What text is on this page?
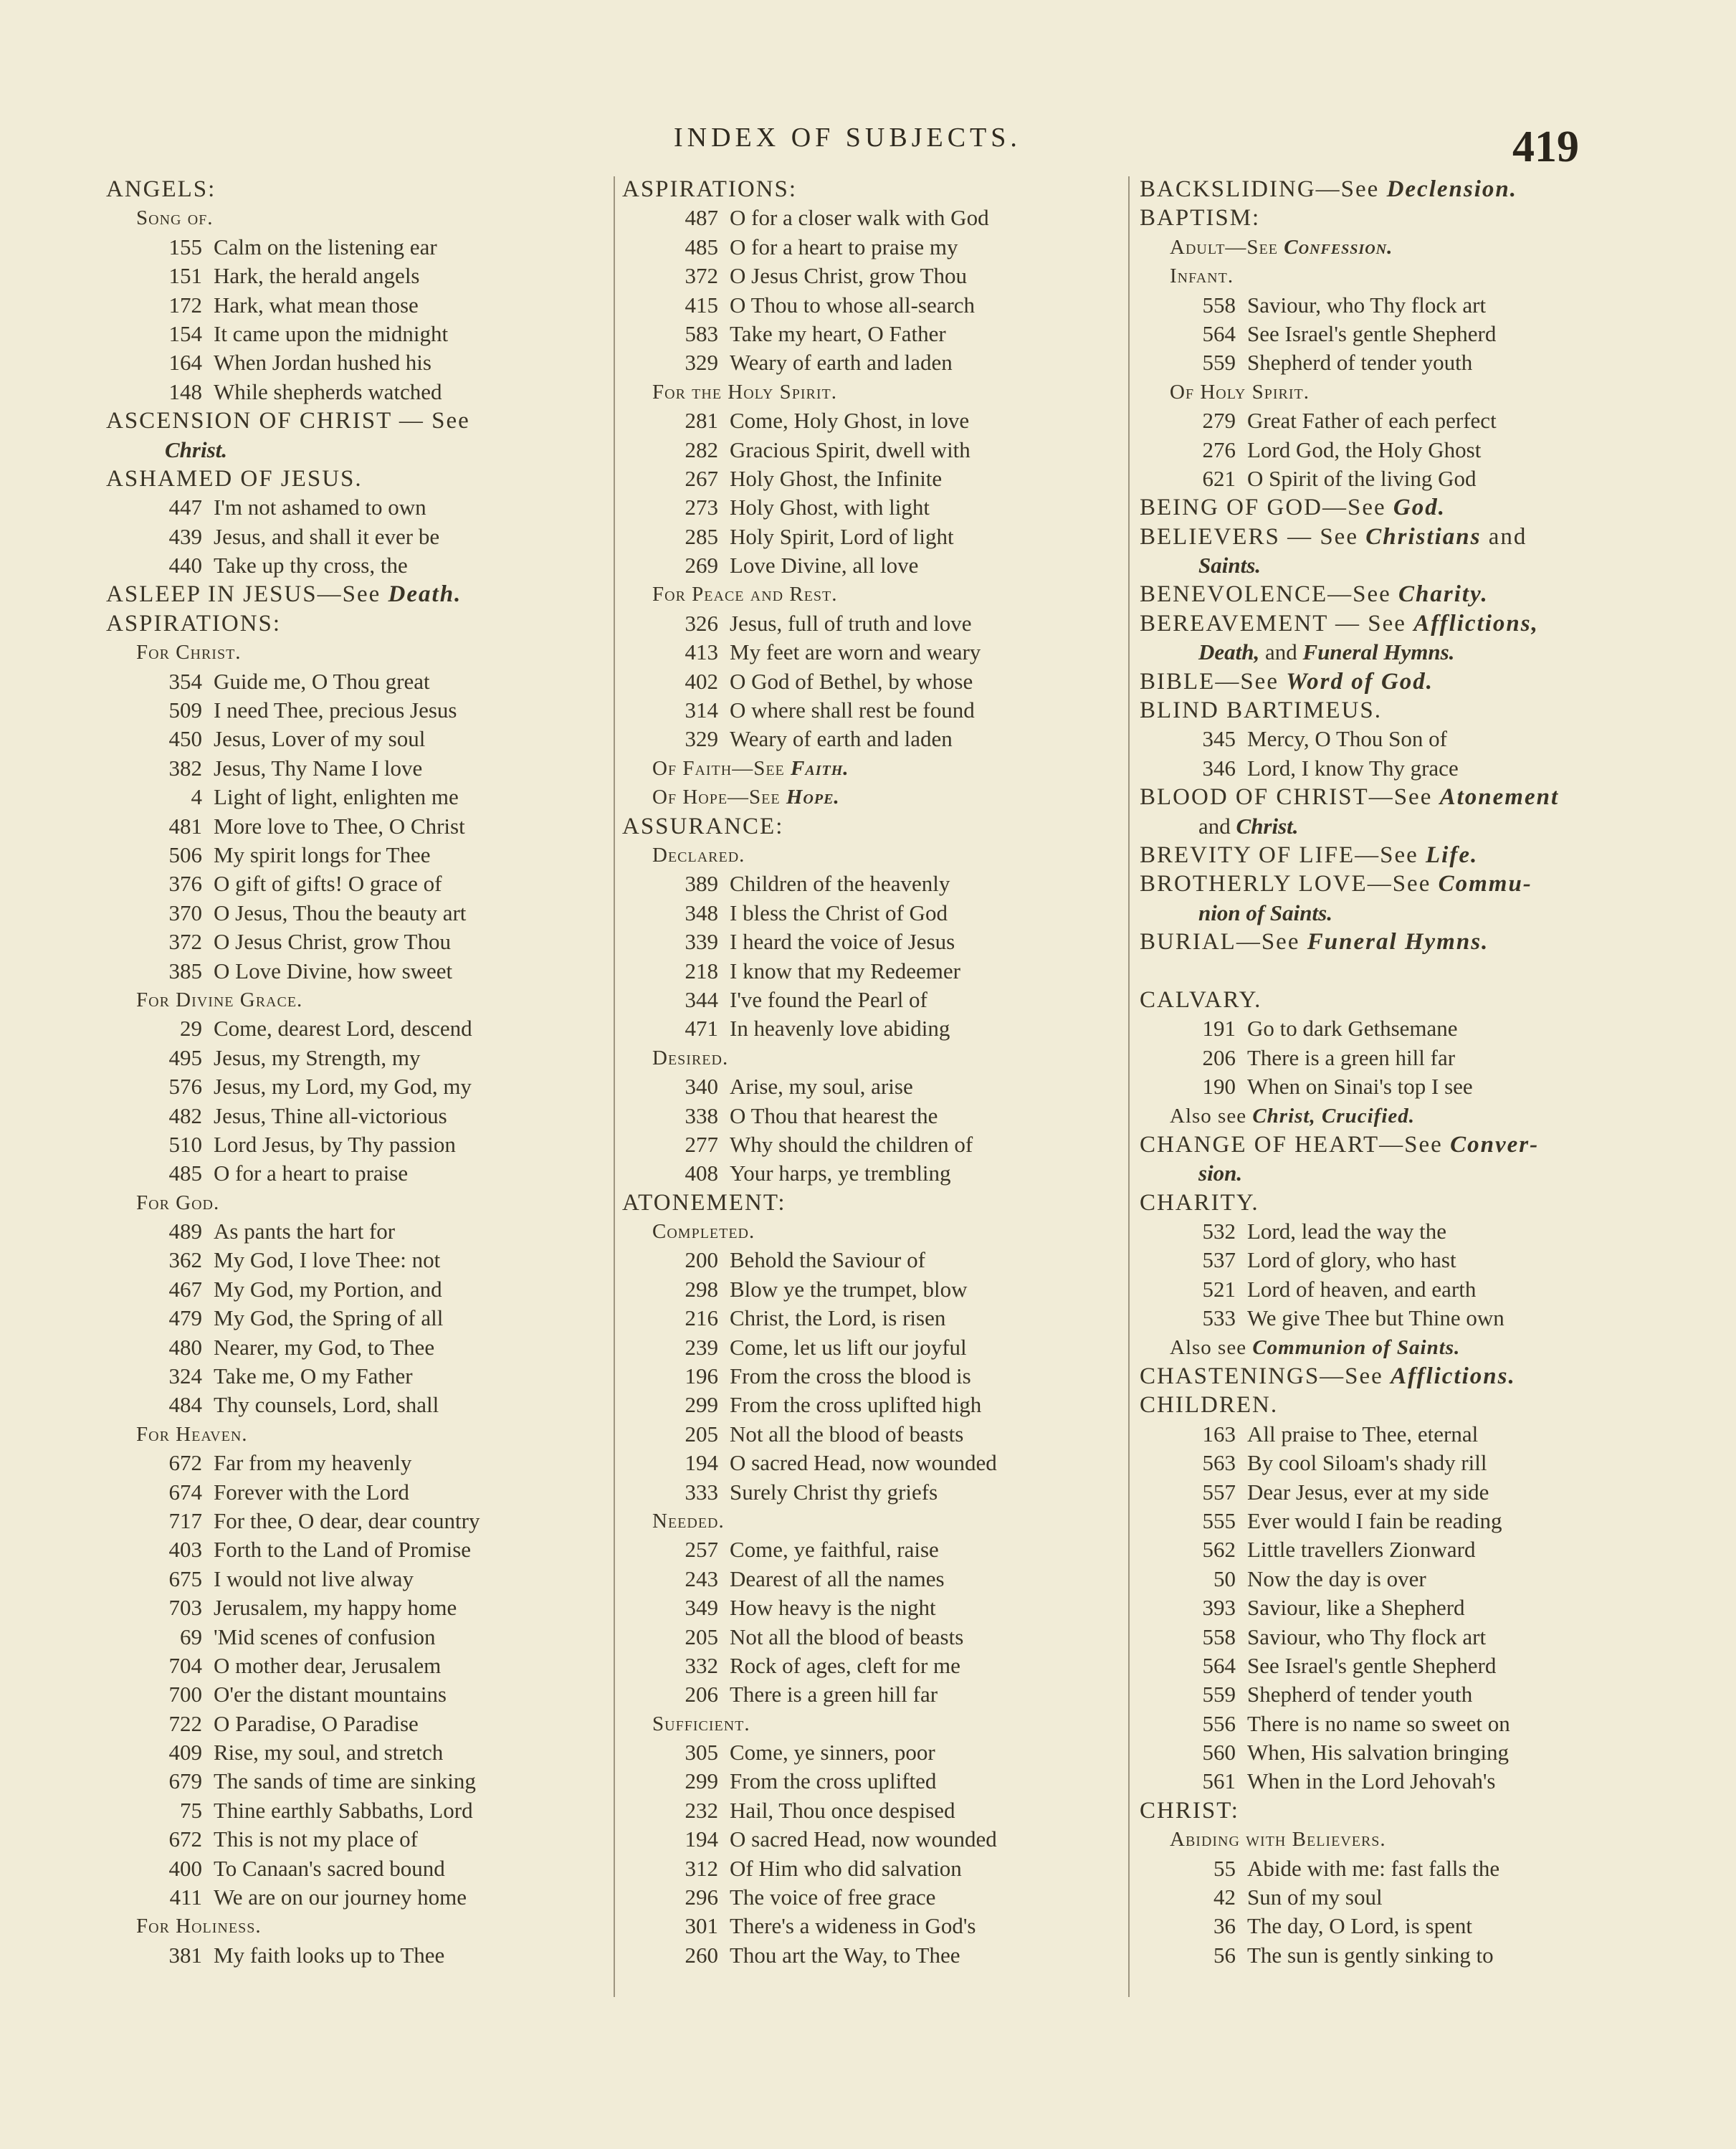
INDEX OF SUBJECTS.	419
ANGELS:
Song of.
155 Calm on the listening ear
151 Hark, the herald angels
172 Hark, what mean those
154 It came upon the midnight
164 When Jordan hushed his
148 While shepherds watched
ASCENSION OF CHRIST — See
Christ.
ASHAMED OF JESUS.
447 I'm not ashamed to own
439 Jesus, and shall it ever be
440 Take up thy cross, the
ASLEEP IN JESUS—See Death.
ASPIRATIONS:
For Christ.
354 Guide me, O Thou great
509 I need Thee, precious Jesus
450 Jesus, Lover of my soul
382 Jesus, Thy Name I love
4 Light of light, enlighten me
481 More love to Thee, O Christ
506 My spirit longs for Thee
376 O gift of gifts! O grace of
370 O Jesus, Thou the beauty art
372 O Jesus Christ, grow Thou
385 O Love Divine, how sweet
For Divine Grace.
29 Come, dearest Lord, descend
495 Jesus, my Strength, my
576 Jesus, my Lord, my God, my
482 Jesus, Thine all-victorious
510 Lord Jesus, by Thy passion
485 O for a heart to praise
For God.
489 As pants the hart for
362 My God, I love Thee: not
467 My God, my Portion, and
479 My God, the Spring of all
480 Nearer, my God, to Thee
324 Take me, O my Father
484 Thy counsels, Lord, shall
For Heaven.
672 Far from my heavenly
674 Forever with the Lord
717 For thee, O dear, dear country
403 Forth to the Land of Promise
675 I would not live alway
703 Jerusalem, my happy home
69 'Mid scenes of confusion
704 O mother dear, Jerusalem
700 O'er the distant mountains
722 O Paradise, O Paradise
409 Rise, my soul, and stretch
679 The sands of time are sinking
75 Thine earthly Sabbaths, Lord
672 This is not my place of
400 To Canaan's sacred bound
411 We are on our journey home
For Holiness.
381 My faith looks up to Thee
ASPIRATIONS:
487 O for a closer walk with God
485 O for a heart to praise my
372 O Jesus Christ, grow Thou
415 O Thou to whose all-search
583 Take my heart, O Father
329 Weary of earth and laden
For the Holy Spirit.
281 Come, Holy Ghost, in love
282 Gracious Spirit, dwell with
267 Holy Ghost, the Infinite
273 Holy Ghost, with light
285 Holy Spirit, Lord of light
269 Love Divine, all love
For Peace and Rest.
326 Jesus, full of truth and love
413 My feet are worn and weary
402 O God of Bethel, by whose
314 O where shall rest be found
329 Weary of earth and laden
Of Faith—See Faith.
Of Hope—See Hope.
ASSURANCE:
Declared.
389 Children of the heavenly
348 I bless the Christ of God
339 I heard the voice of Jesus
218 I know that my Redeemer
344 I've found the Pearl of
471 In heavenly love abiding
Desired.
340 Arise, my soul, arise
338 O Thou that hearest the
277 Why should the children of
408 Your harps, ye trembling
ATONEMENT:
Completed.
200 Behold the Saviour of
298 Blow ye the trumpet, blow
216 Christ, the Lord, is risen
239 Come, let us lift our joyful
196 From the cross the blood is
299 From the cross uplifted high
205 Not all the blood of beasts
194 O sacred Head, now wounded
333 Surely Christ thy griefs
Needed.
257 Come, ye faithful, raise
243 Dearest of all the names
349 How heavy is the night
205 Not all the blood of beasts
332 Rock of ages, cleft for me
206 There is a green hill far
Sufficient.
305 Come, ye sinners, poor
299 From the cross uplifted
232 Hail, Thou once despised
194 O sacred Head, now wounded
312 Of Him who did salvation
296 The voice of free grace
301 There's a wideness in God's
260 Thou art the Way, to Thee
BACKSLIDING—See Declension.
BAPTISM:
Adult—See Confession.
Infant.
558 Saviour, who Thy flock art
564 See Israel's gentle Shepherd
559 Shepherd of tender youth
Of Holy Spirit.
279 Great Father of each perfect
276 Lord God, the Holy Ghost
621 O Spirit of the living God
BEING OF GOD—See God.
BELIEVERS — See Christians and
Saints.
BENEVOLENCE—See Charity.
BEREAVEMENT — See Afflictions,
Death, and Funeral Hymns.
BIBLE—See Word of God.
BLIND BARTIMEUS.
345 Mercy, O Thou Son of
346 Lord, I know Thy grace
BLOOD OF CHRIST—See Atonement
and Christ.
BREVITY OF LIFE—See Life.
BROTHERLY LOVE—See Commu-
nion of Saints.
BURIAL—See Funeral Hymns.
CALVARY.
191 Go to dark Gethsemane
206 There is a green hill far
190 When on Sinai's top I see
Also see Christ, Crucified.
CHANGE OF HEART—See Conver-
sion.
CHARITY.
532 Lord, lead the way the
537 Lord of glory, who hast
521 Lord of heaven, and earth
533 We give Thee but Thine own
Also see Communion of Saints.
CHASTENINGS—See Afflictions.
CHILDREN.
163 All praise to Thee, eternal
563 By cool Siloam's shady rill
557 Dear Jesus, ever at my side
555 Ever would I fain be reading
562 Little travellers Zionward
50 Now the day is over
393 Saviour, like a Shepherd
558 Saviour, who Thy flock art
564 See Israel's gentle Shepherd
559 Shepherd of tender youth
556 There is no name so sweet on
560 When, His salvation bringing
561 When in the Lord Jehovah's
CHRIST:
Abiding with Believers.
55 Abide with me: fast falls the
42 Sun of my soul
36 The day, O Lord, is spent
56 The sun is gently sinking to
